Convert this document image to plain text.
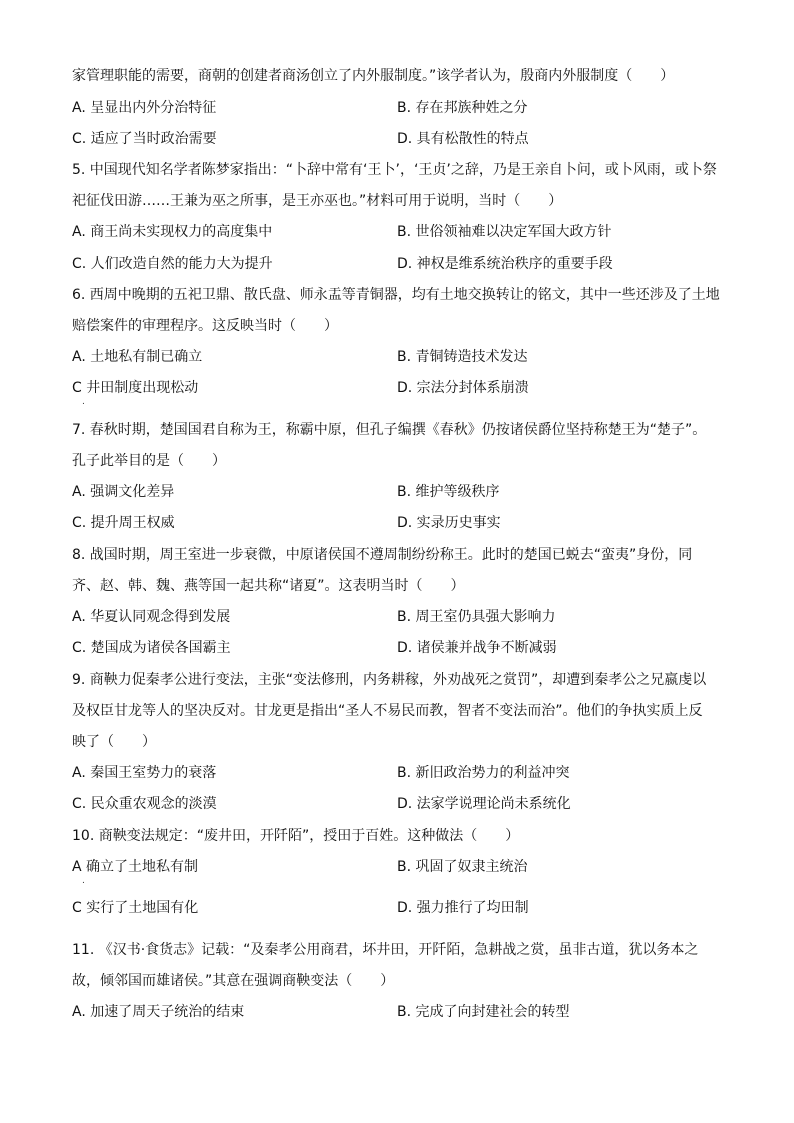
家管理职能的需要，商朝的创建者商汤创立了内外服制度。”该学者认为，殷商内外服制度（　　）
A. 呈显出内外分治特征	B. 存在邦族种姓之分
C. 适应了当时政治需要	D. 具有松散性的特点
5. 中国现代知名学者陈梦家指出：“卜辞中常有‘王卜’，‘王贞’之辞，乃是王亲自卜问，或卜风雨，或卜祭
祀征伐田游……王兼为巫之所事，是王亦巫也。”材料可用于说明，当时（　　）
A. 商王尚未实现权力的高度集中	B. 世俗领袖难以决定军国大政方针
C. 人们改造自然的能力大为提升	D. 神权是维系统治秩序的重要手段
6. 西周中晚期的五祀卫鼎、散氏盘、师永盂等青铜器，均有土地交换转让的铭文，其中一些还涉及了土地
赔偿案件的审理程序。这反映当时（　　）
A. 土地私有制已确立	B. 青铜铸造技术发达
C 井田制度出现松动	D. 宗法分封体系崩溃
.
7. 春秋时期，楚国国君自称为王，称霸中原，但孔子编撰《春秋》仍按诸侯爵位坚持称楚王为“楚子”。
孔子此举目的是（　　）
A. 强调文化差异	B. 维护等级秩序
C. 提升周王权威	D. 实录历史事实
8. 战国时期，周王室进一步衰微，中原诸侯国不遵周制纷纷称王。此时的楚国已蜕去“蛮夷”身份，同
齐、赵、韩、魏、燕等国一起共称“诸夏”。这表明当时（　　）
A. 华夏认同观念得到发展	B. 周王室仍具强大影响力
C. 楚国成为诸侯各国霸主	D. 诸侯兼并战争不断减弱
9. 商鞅力促秦孝公进行变法，主张“变法修刑，内务耕稼，外劝战死之赏罚”，却遭到秦孝公之兄嬴虔以
及权臣甘龙等人的坚决反对。甘龙更是指出“圣人不易民而教，智者不变法而治”。他们的争执实质上反
映了（　　）
A. 秦国王室势力的衰落	B. 新旧政治势力的利益冲突
C. 民众重农观念的淡漠	D. 法家学说理论尚未系统化
10. 商鞅变法规定：“废井田，开阡陌”，授田于百姓。这种做法（　　）
A 确立了土地私有制	B. 巩固了奴隶主统治
.
C 实行了土地国有化	D. 强力推行了均田制
11. 《汉书·食货志》记载：“及秦孝公用商君，坏井田，开阡陌，急耕战之赏，虽非古道，犹以务本之
故，倾邻国而雄诸侯。”其意在强调商鞅变法（　　）
A. 加速了周天子统治的结束	B. 完成了向封建社会的转型
